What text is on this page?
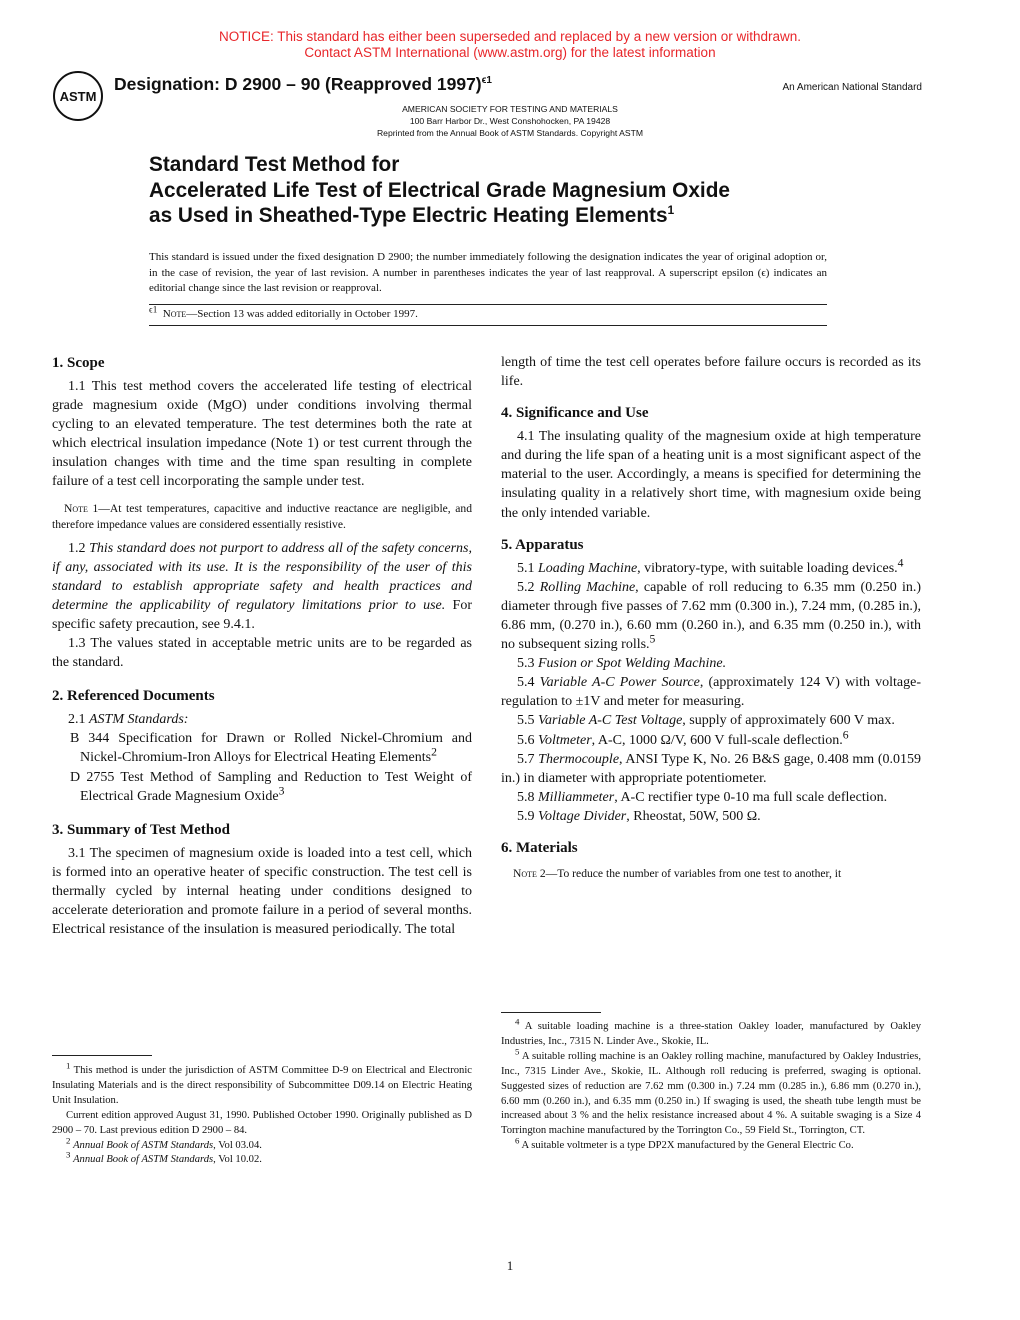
NOTICE: This standard has either been superseded and replaced by a new version or withdrawn.
Contact ASTM International (www.astm.org) for the latest information
ASTM
Designation: D 2900 – 90 (Reapproved 1997)$^{\epsilon 1}$
An American National Standard
AMERICAN SOCIETY FOR TESTING AND MATERIALS
100 Barr Harbor Dr., West Conshohocken, PA 19428
Reprinted from the Annual Book of ASTM Standards. Copyright ASTM
Standard Test Method for
Accelerated Life Test of Electrical Grade Magnesium Oxide
as Used in Sheathed-Type Electric Heating Elements$^1$
This standard is issued under the fixed designation D 2900; the number immediately following the designation indicates the year of original adoption or, in the case of revision, the year of last revision. A number in parentheses indicates the year of last reapproval. A superscript epsilon (ϵ) indicates an editorial change since the last revision or reapproval.
$^{\epsilon 1}$ Note—Section 13 was added editorially in October 1997.
1. Scope

1.1 This test method covers the accelerated life testing of electrical grade magnesium oxide (MgO) under conditions involving thermal cycling to an elevated temperature. The test determines both the rate at which electrical insulation impedance (Note 1) or test current through the insulation changes with time and the time span resulting in complete failure of a test cell incorporating the sample under test.

Note 1—At test temperatures, capacitive and inductive reactance are negligible, and therefore impedance values are considered essentially resistive.

1.2 This standard does not purport to address all of the safety concerns, if any, associated with its use. It is the responsibility of the user of this standard to establish appropriate safety and health practices and determine the applicability of regulatory limitations prior to use. For specific safety precaution, see 9.4.1.

1.3 The values stated in acceptable metric units are to be regarded as the standard.

2. Referenced Documents

2.1 ASTM Standards:

B 344 Specification for Drawn or Rolled Nickel-Chromium and Nickel-Chromium-Iron Alloys for Electrical Heating Elements$^2$

D 2755 Test Method of Sampling and Reduction to Test Weight of Electrical Grade Magnesium Oxide$^3$

3. Summary of Test Method

3.1 The specimen of magnesium oxide is loaded into a test cell, which is formed into an operative heater of specific construction. The test cell is thermally cycled by internal heating under conditions designed to accelerate deterioration and promote failure in a period of several months. Electrical resistance of the insulation is measured periodically. The total

length of time the test cell operates before failure occurs is recorded as its life.

4. Significance and Use

4.1 The insulating quality of the magnesium oxide at high temperature and during the life span of a heating unit is a most significant aspect of the material to the user. Accordingly, a means is specified for determining the insulating quality in a relatively short time, with magnesium oxide being the only intended variable.

5. Apparatus

5.1 Loading Machine, vibratory-type, with suitable loading devices.$^4$

5.2 Rolling Machine, capable of roll reducing to 6.35 mm (0.250 in.) diameter through five passes of 7.62 mm (0.300 in.), 7.24 mm, (0.285 in.), 6.86 mm, (0.270 in.), 6.60 mm (0.260 in.), and 6.35 mm (0.250 in.), with no subsequent sizing rolls.$^5$

5.3 Fusion or Spot Welding Machine.

5.4 Variable A-C Power Source, (approximately 124 V) with voltage-regulation to ±1V and meter for measuring.

5.5 Variable A-C Test Voltage, supply of approximately 600 V max.

5.6 Voltmeter, A-C, 1000 Ω/V, 600 V full-scale deflection.$^6$

5.7 Thermocouple, ANSI Type K, No. 26 B&S gage, 0.408 mm (0.0159 in.) in diameter with appropriate potentiometer.

5.8 Milliammeter, A-C rectifier type 0-10 ma full scale deflection.

5.9 Voltage Divider, Rheostat, 50W, 500 Ω.

6. Materials

Note 2—To reduce the number of variables from one test to another, it

$^1$ This method is under the jurisdiction of ASTM Committee D-9 on Electrical and Electronic Insulating Materials and is the direct responsibility of Subcommittee D09.14 on Electric Heating Unit Insulation.

Current edition approved August 31, 1990. Published October 1990. Originally published as D 2900 – 70. Last previous edition D 2900 – 84.

$^2$ Annual Book of ASTM Standards, Vol 03.04.

$^3$ Annual Book of ASTM Standards, Vol 10.02.

$^4$ A suitable loading machine is a three-station Oakley loader, manufactured by Oakley Industries, Inc., 7315 N. Linder Ave., Skokie, IL.

$^5$ A suitable rolling machine is an Oakley rolling machine, manufactured by Oakley Industries, Inc., 7315 Linder Ave., Skokie, IL. Although roll reducing is preferred, swaging is optional. Suggested sizes of reduction are 7.62 mm (0.300 in.) 7.24 mm (0.285 in.), 6.86 mm (0.270 in.), 6.60 mm (0.260 in.), and 6.35 mm (0.250 in.) If swaging is used, the sheath tube length must be increased about 3 % and the helix resistance increased about 4 %. A suitable swaging is a Size 4 Torrington machine manufactured by the Torrington Co., 59 Field St., Torrington, CT.

$^6$ A suitable voltmeter is a type DP2X manufactured by the General Electric Co.

1
